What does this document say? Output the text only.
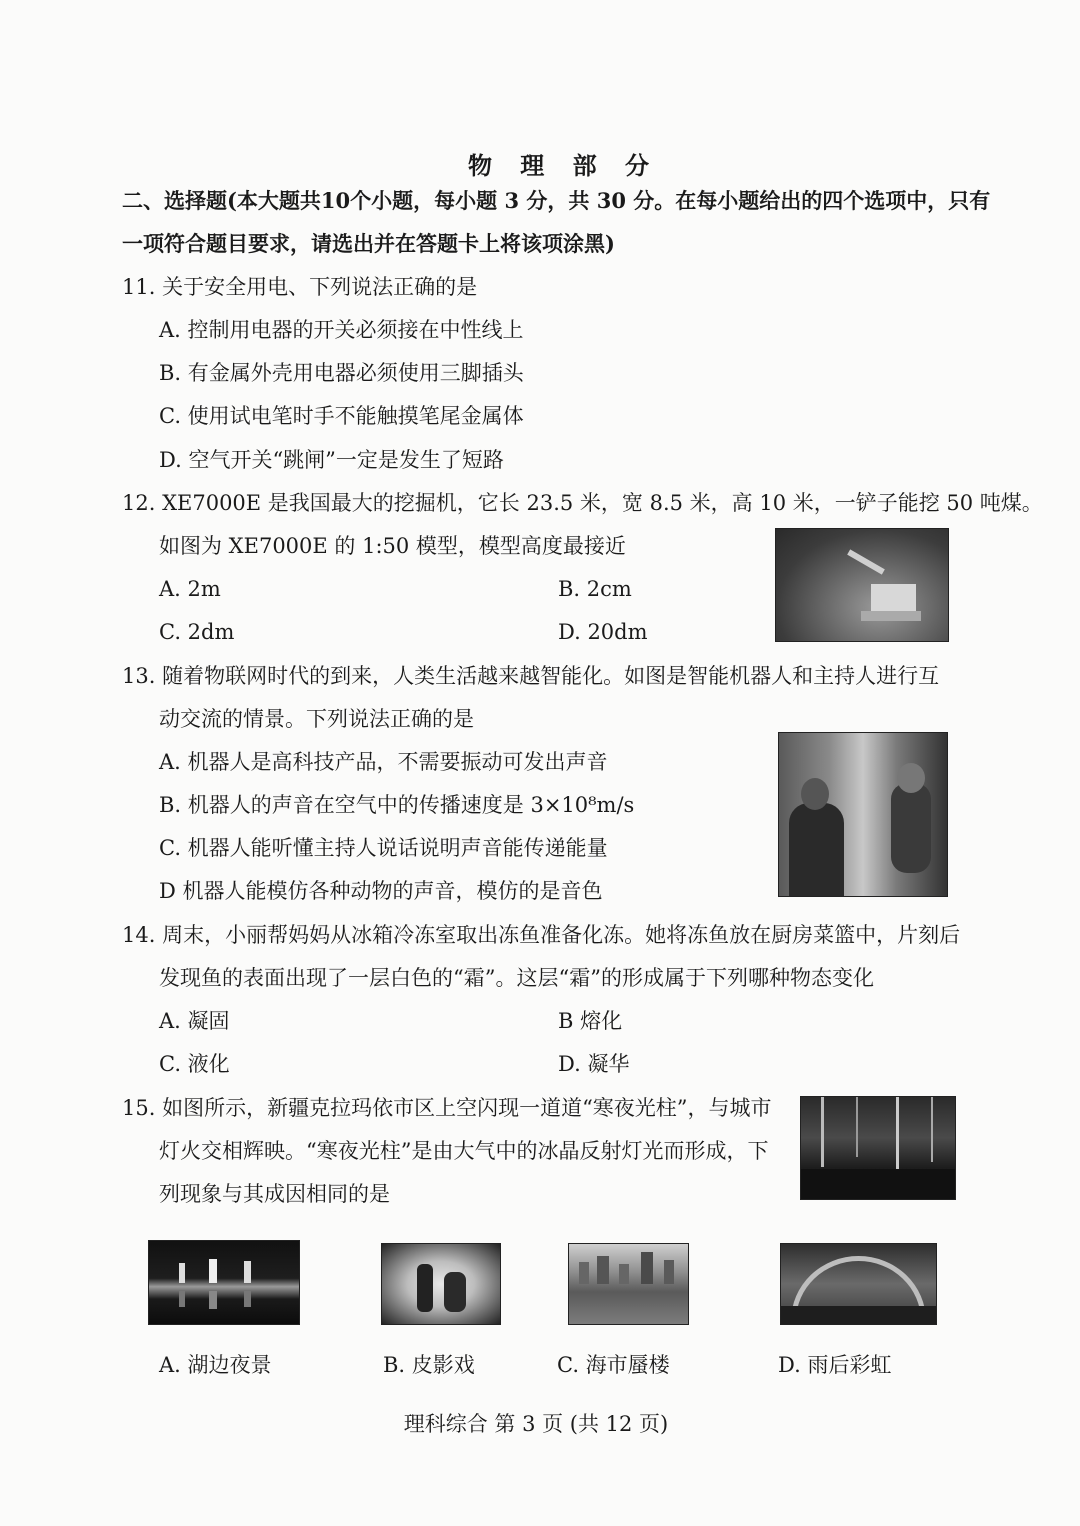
物 理 部 分
二、选择题(本大题共10个小题，每小题 3 分，共 30 分。在每小题给出的四个选项中，只有
一项符合题目要求，请选出并在答题卡上将该项涂黑)
11. 关于安全用电、下列说法正确的是
A. 控制用电器的开关必须接在中性线上
B. 有金属外壳用电器必须使用三脚插头
C. 使用试电笔时手不能触摸笔尾金属体
D. 空气开关“跳闸”一定是发生了短路
12. XE7000E 是我国最大的挖掘机，它长 23.5 米，宽 8.5 米，高 10 米，一铲子能挖 50 吨煤。
如图为 XE7000E 的 1:50 模型，模型高度最接近
A. 2m	B. 2cm
C. 2dm	D. 20dm
13. 随着物联网时代的到来，人类生活越来越智能化。如图是智能机器人和主持人进行互
动交流的情景。下列说法正确的是
A. 机器人是高科技产品，不需要振动可发出声音
B. 机器人的声音在空气中的传播速度是 3×10⁸m/s
C. 机器人能听懂主持人说话说明声音能传递能量
D 机器人能模仿各种动物的声音，模仿的是音色
14. 周末，小丽帮妈妈从冰箱冷冻室取出冻鱼准备化冻。她将冻鱼放在厨房菜篮中，片刻后
发现鱼的表面出现了一层白色的“霜”。这层“霜”的形成属于下列哪种物态变化
A. 凝固	B 熔化
C. 液化	D. 凝华
15. 如图所示，新疆克拉玛依市区上空闪现一道道“寒夜光柱”，与城市
灯火交相辉映。“寒夜光柱”是由大气中的冰晶反射灯光而形成，下
列现象与其成因相同的是
A. 湖边夜景	B. 皮影戏	C. 海市蜃楼	D. 雨后彩虹
理科综合 第 3 页 (共 12 页)
